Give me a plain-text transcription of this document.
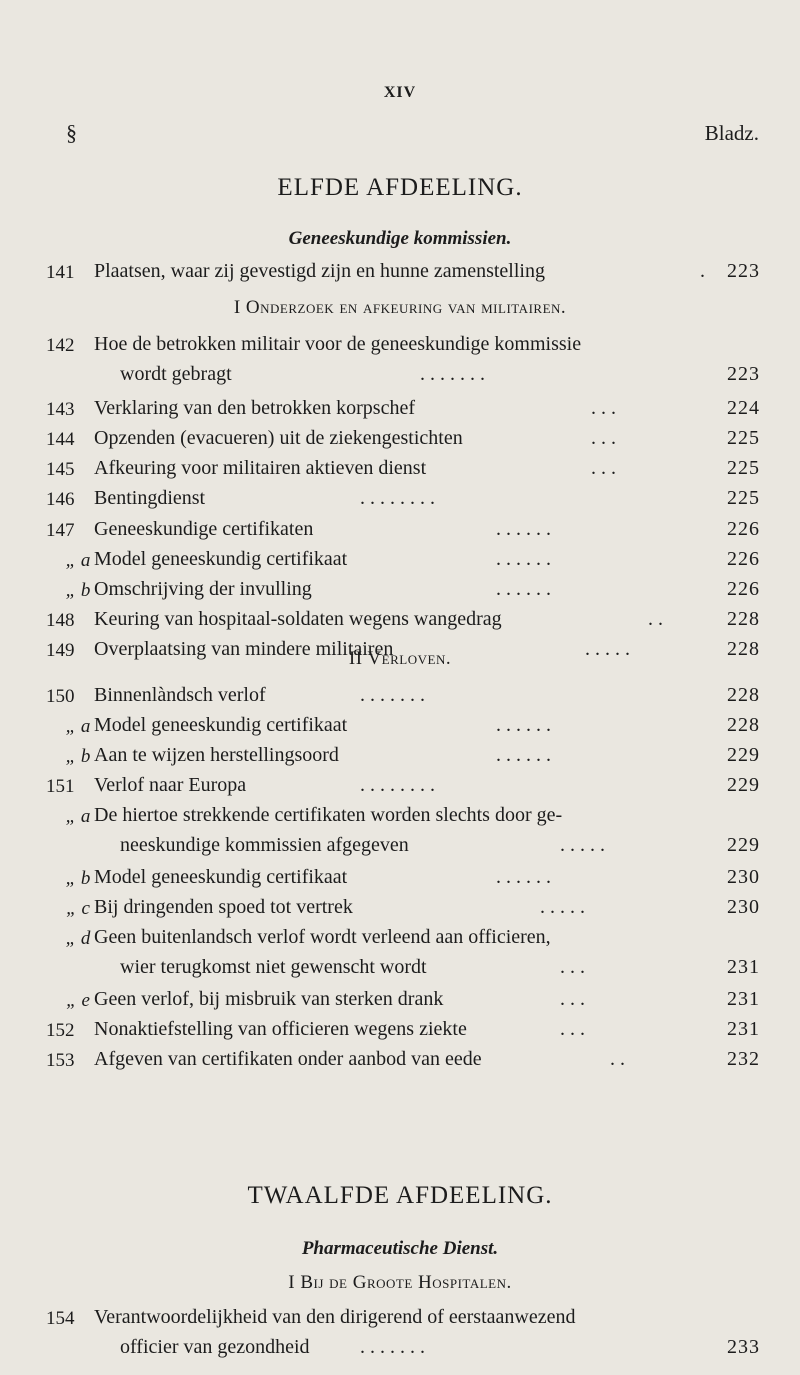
XIV
§	Bladz.
ELFDE AFDEELING.
Geneeskundige kommissien.
141 Plaatsen, waar zij gevestigd zijn en hunne zamenstelling	. 223
I Onderzoek en afkeuring van militairen.
142 Hoe de betrokken militair voor de geneeskundige kommissie
wordt gebragt	. . . . . . .	223
143 Verklaring van den betrokken korpschef	. . .	224
144 Opzenden (evacueren) uit de ziekengestichten	. . .	225
145 Afkeuring voor militairen aktieven dienst	. . .	225
146 Bentingdienst	. . . . . . . .	225
147 Geneeskundige certifikaten	. . . . . .	226
„ a Model geneeskundig certifikaat	. . . . . .	226
„ b Omschrijving der invulling	. . . . . .	226
148 Keuring van hospitaal-soldaten wegens wangedrag	. .	228
149 Overplaatsing van mindere militairen	. . . . .	228
II Verloven.
150 Binnenlàndsch verlof	. . . . . . .	228
„ a Model geneeskundig certifikaat	. . . . . .	228
„ b Aan te wijzen herstellingsoord	. . . . . .	229
151 Verlof naar Europa	. . . . . . . .	229
„ a De hiertoe strekkende certifikaten worden slechts door ge-
neeskundige kommissien afgegeven	. . . . .	229
„ b Model geneeskundig certifikaat	. . . . . .	230
„ c Bij dringenden spoed tot vertrek	. . . . .	230
„ d Geen buitenlandsch verlof wordt verleend aan officieren,
wier terugkomst niet gewenscht wordt	. . .	231
„ e Geen verlof, bij misbruik van sterken drank	. . .	231
152 Nonaktiefstelling van officieren wegens ziekte	. . .	231
153 Afgeven van certifikaten onder aanbod van eede	. .	232
TWAALFDE AFDEELING.
Pharmaceutische Dienst.
I Bij de Groote Hospitalen.
154 Verantwoordelijkheid van den dirigerend of eerstaanwezend
officier van gezondheid	. . . . . . .	233
